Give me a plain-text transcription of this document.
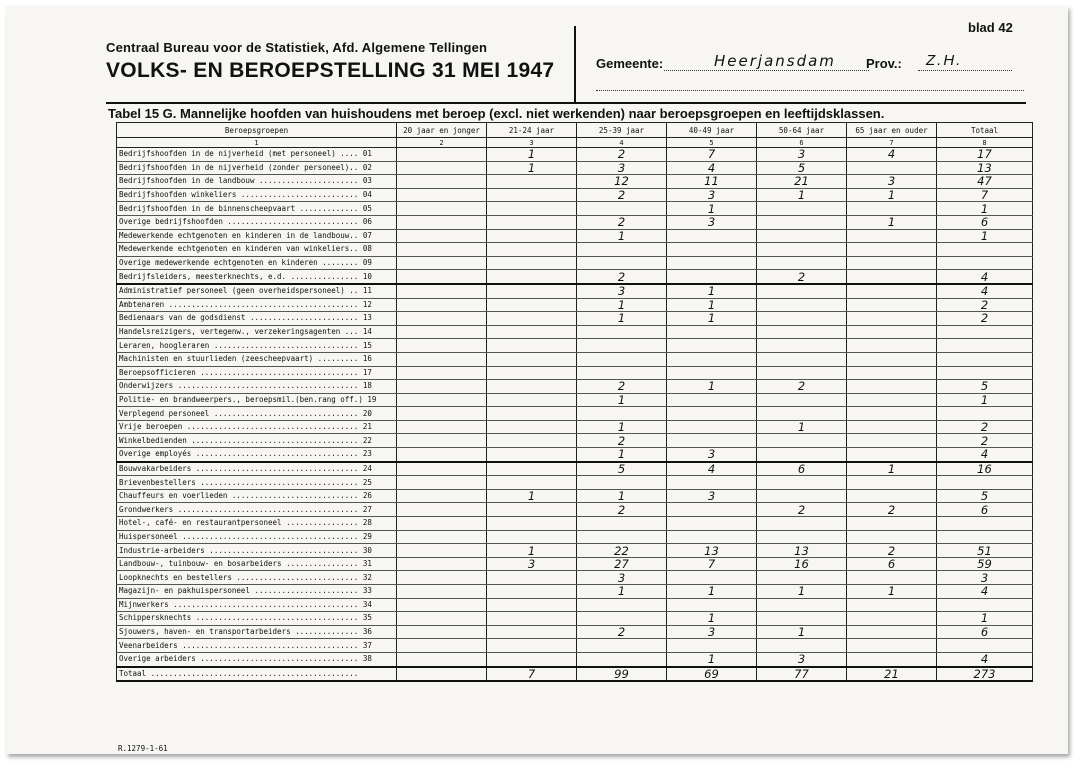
blad 42
Centraal Bureau voor de Statistiek, Afd. Algemene Tellingen
VOLKS- EN BEROEPSTELLING 31 MEI 1947	Gemeente:	Heerjansdam Prov.: Z.H.
Tabel 15 G. Mannelijke hoofden van huishoudens met beroep (excl. niet werkenden) naar beroepsgroepen en leeftijdsklassen.
Beroepsgroepen	20 jaar en jonger	21-24 jaar	25-39 jaar	40-49 jaar	50-64 jaar	65 jaar en ouder	Totaal
1	2	3	4	5	6	7	8
Bedrijfshoofden in de nijverheid (met personeel) .... 01		1	2	7	3	4	17
Bedrijfshoofden in de nijverheid (zonder personeel).. 02		1	3	4	5		13
Bedrijfshoofden in de landbouw ...................... 03			12	11	21	3	47
Bedrijfshoofden winkeliers .......................... 04			2	3	1	1	7
Bedrijfshoofden in de binnenscheepvaart ............. 05				1			1
Overige bedrijfshoofden ............................. 06			2	3		1	6
Medewerkende echtgenoten en kinderen in de landbouw.. 07			1				1
Medewerkende echtgenoten en kinderen van winkeliers.. 08							
Overige medewerkende echtgenoten en kinderen ........ 09							
Bedrijfsleiders, meesterknechts, e.d. ............... 10			2		2		4
Administratief personeel (geen overheidspersoneel) .. 11			3	1			4
Ambtenaren .......................................... 12			1	1			2
Bedienaars van de godsdienst ........................ 13			1	1			2
Handelsreizigers, vertegenw., verzekeringsagenten ... 14							
Leraren, hoogleraren ................................ 15							
Machinisten en stuurlieden (zeescheepvaart) ......... 16							
Beroepsofficieren ................................... 17							
Onderwijzers ........................................ 18			2	1	2		5
Politie- en brandweerpers., beroepsmil.(ben.rang off.) 19			1				1
Verplegend personeel ................................ 20							
Vrije beroepen ...................................... 21			1		1		2
Winkelbedienden ..................................... 22			2				2
Overige employés .................................... 23			1	3			4
Bouwvakarbeiders .................................... 24			5	4	6	1	16
Brievenbestellers ................................... 25							
Chauffeurs en voerlieden ............................ 26		1	1	3			5
Grondwerkers ........................................ 27			2		2	2	6
Hotel-, café- en restaurantpersoneel ................ 28							
Huispersoneel ....................................... 29							
Industrie-arbeiders ................................. 30		1	22	13	13	2	51
Landbouw-, tuinbouw- en bosarbeiders ................ 31		3	27	7	16	6	59
Loopknechts en bestellers ........................... 32			3				3
Magazijn- en pakhuispersoneel ....................... 33			1	1	1	1	4
Mijnwerkers ......................................... 34							
Schippersknechts .................................... 35				1			1
Sjouwers, haven- en transportarbeiders .............. 36			2	3	1		6
Veenarbeiders ....................................... 37							
Overige arbeiders ................................... 38				1	3		4
Totaal ..............................................		7	99	69	77	21	273
R.1279-1-61
